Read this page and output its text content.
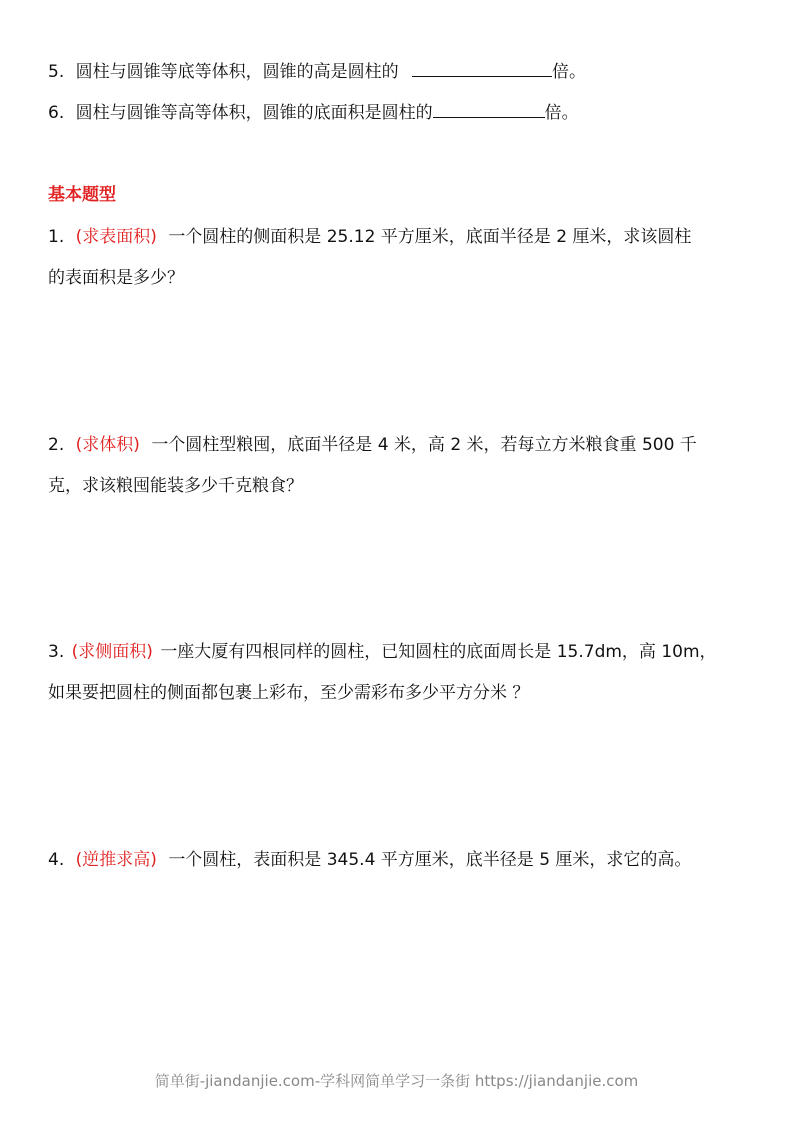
5. 圆柱与圆锥等底等体积，圆锥的高是圆柱的	倍。
6. 圆柱与圆锥等高等体积，圆锥的底面积是圆柱的	倍。
基本题型
1. (求表面积) 一个圆柱的侧面积是 25.12 平方厘米，底面半径是 2 厘米，求该圆柱
的表面积是多少？
2. (求体积) 一个圆柱型粮囤，底面半径是 4 米，高 2 米，若每立方米粮食重 500 千
克，求该粮囤能装多少千克粮食？
3. (求侧面积) 一座大厦有四根同样的圆柱，已知圆柱的底面周长是 15.7dm，高 10m，
如果要把圆柱的侧面都包裹上彩布，至少需彩布多少平方分米 ？
4. (逆推求高) 一个圆柱，表面积是 345.4 平方厘米，底半径是 5 厘米，求它的高。
简单街-jiandanjie.com-学科网简单学习一条街 https://jiandanjie.com
